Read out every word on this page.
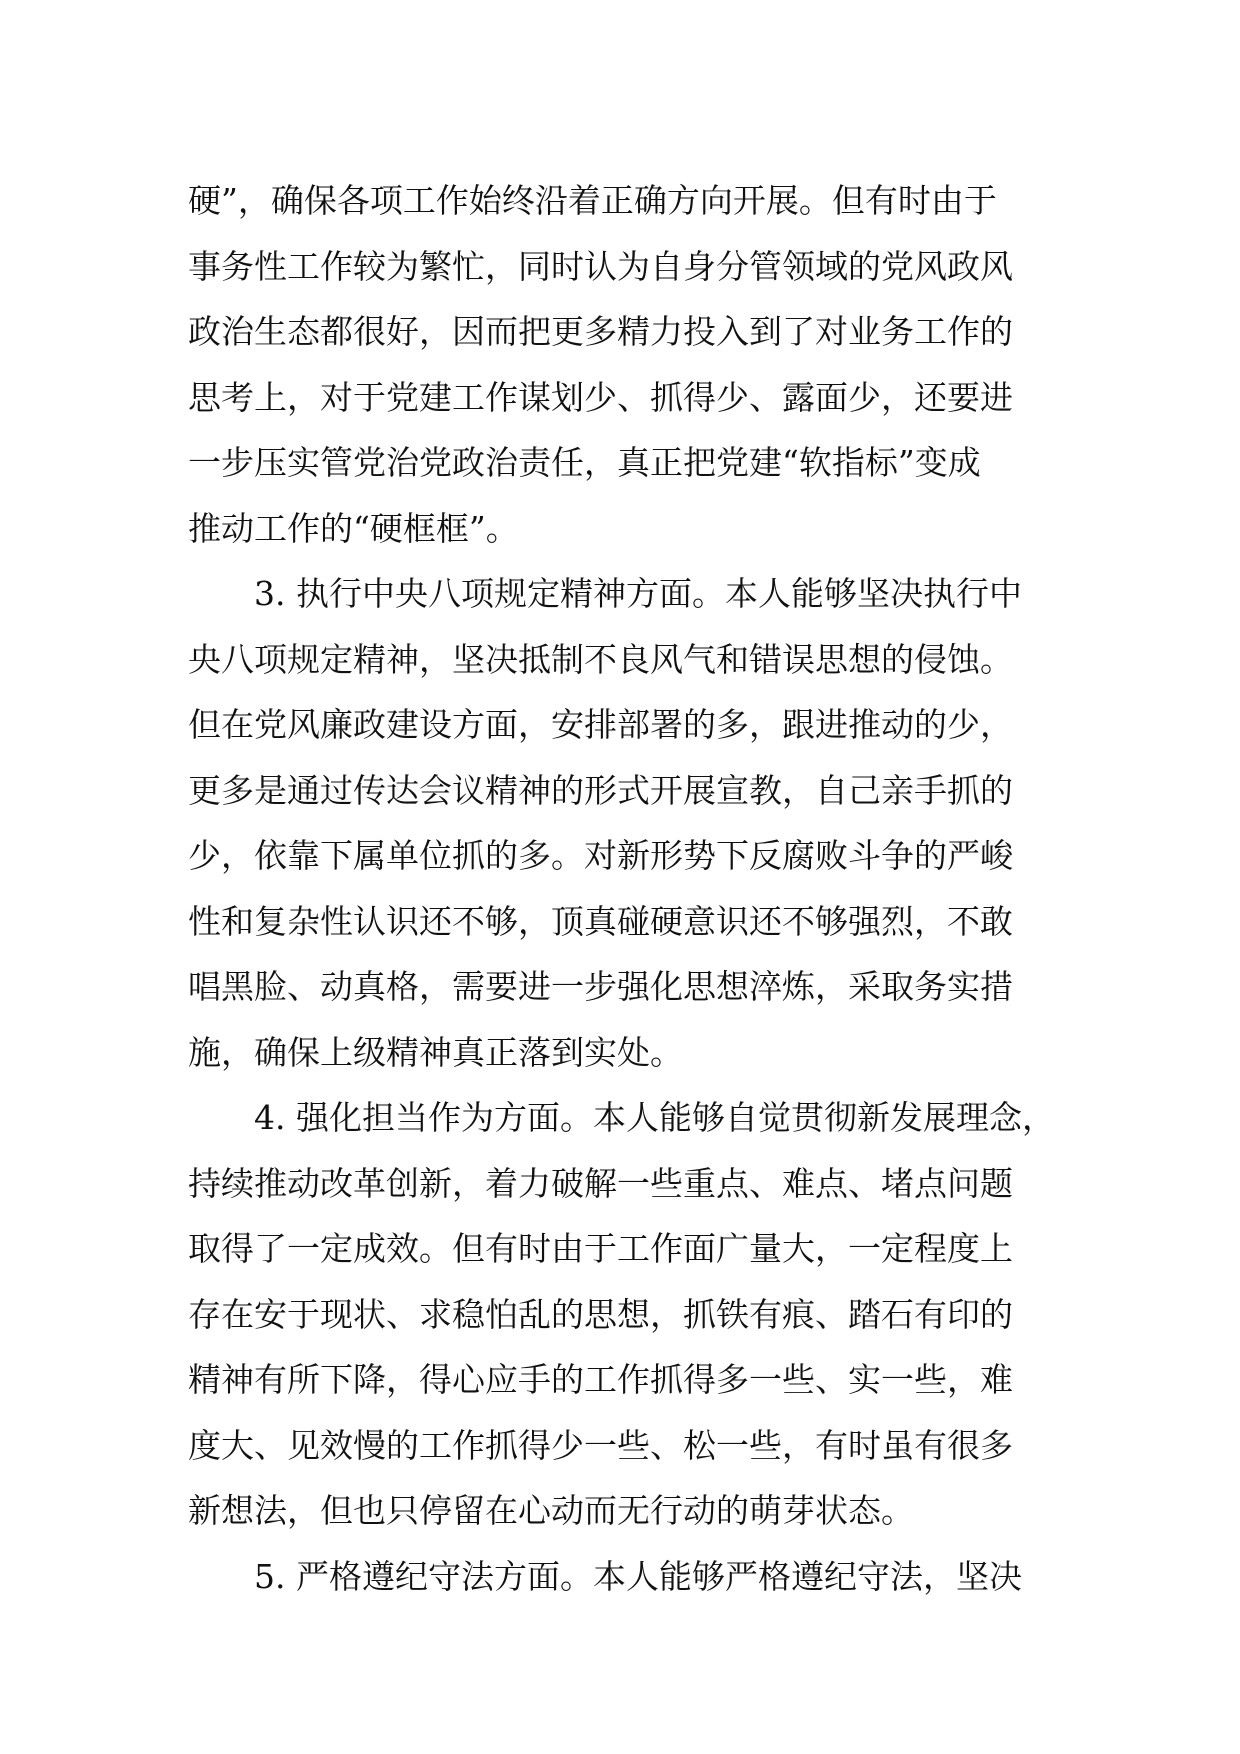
硬”，确保各项工作始终沿着正确方向开展。但有时由于
事务性工作较为繁忙，同时认为自身分管领域的党风政风
政治生态都很好，因而把更多精力投入到了对业务工作的
思考上，对于党建工作谋划少、抓得少、露面少，还要进
一步压实管党治党政治责任，真正把党建“软指标”变成
推动工作的“硬框框”。
3. 执行中央八项规定精神方面。本人能够坚决执行中
央八项规定精神，坚决抵制不良风气和错误思想的侵蚀。
但在党风廉政建设方面，安排部署的多，跟进推动的少，
更多是通过传达会议精神的形式开展宣教，自己亲手抓的
少，依靠下属单位抓的多。对新形势下反腐败斗争的严峻
性和复杂性认识还不够，顶真碰硬意识还不够强烈，不敢
唱黑脸、动真格，需要进一步强化思想淬炼，采取务实措
施，确保上级精神真正落到实处。
4. 强化担当作为方面。本人能够自觉贯彻新发展理念，
持续推动改革创新，着力破解一些重点、难点、堵点问题
取得了一定成效。但有时由于工作面广量大，一定程度上
存在安于现状、求稳怕乱的思想，抓铁有痕、踏石有印的
精神有所下降，得心应手的工作抓得多一些、实一些，难
度大、见效慢的工作抓得少一些、松一些，有时虽有很多
新想法，但也只停留在心动而无行动的萌芽状态。
5. 严格遵纪守法方面。本人能够严格遵纪守法，坚决
